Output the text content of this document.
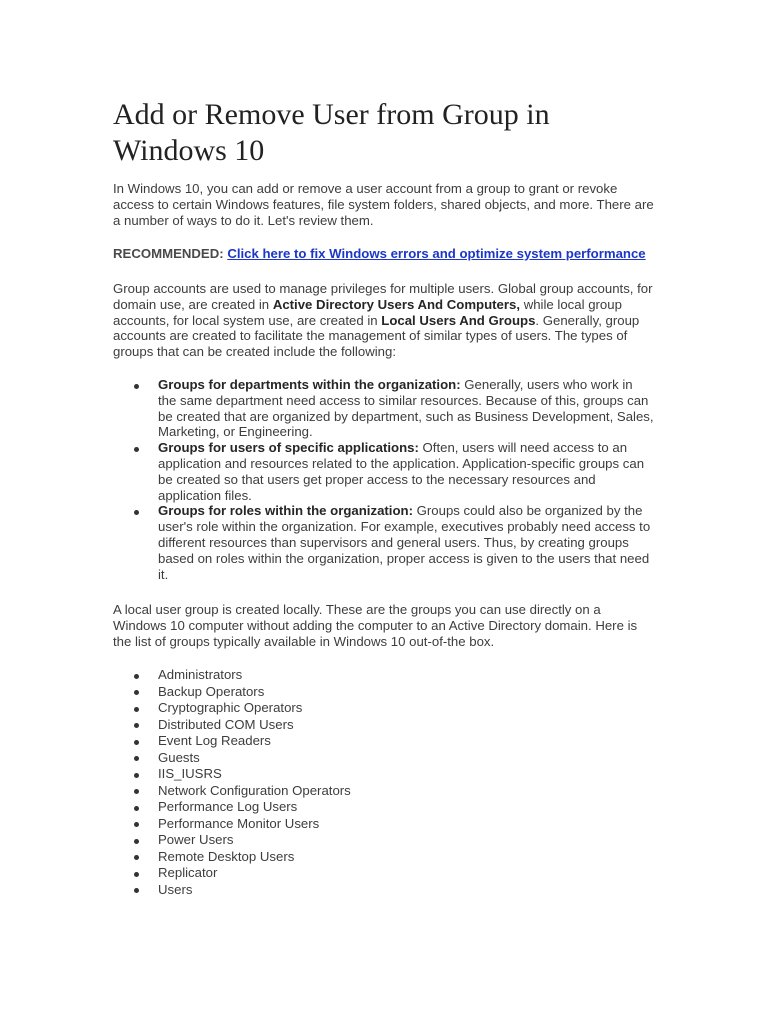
Add or Remove User from Group in Windows 10
In Windows 10, you can add or remove a user account from a group to grant or revoke
access to certain Windows features, file system folders, shared objects, and more. There are
a number of ways to do it. Let's review them.
RECOMMENDED: Click here to fix Windows errors and optimize system performance
Group accounts are used to manage privileges for multiple users. Global group accounts, for
domain use, are created in Active Directory Users And Computers, while local group
accounts, for local system use, are created in Local Users And Groups. Generally, group
accounts are created to facilitate the management of similar types of users. The types of
groups that can be created include the following:
Groups for departments within the organization: Generally, users who work in
the same department need access to similar resources. Because of this, groups can
be created that are organized by department, such as Business Development, Sales,
Marketing, or Engineering.
Groups for users of specific applications: Often, users will need access to an
application and resources related to the application. Application-specific groups can
be created so that users get proper access to the necessary resources and
application files.
Groups for roles within the organization: Groups could also be organized by the
user's role within the organization. For example, executives probably need access to
different resources than supervisors and general users. Thus, by creating groups
based on roles within the organization, proper access is given to the users that need
it.
A local user group is created locally. These are the groups you can use directly on a
Windows 10 computer without adding the computer to an Active Directory domain. Here is
the list of groups typically available in Windows 10 out-of-the box.
Administrators
Backup Operators
Cryptographic Operators
Distributed COM Users
Event Log Readers
Guests
IIS_IUSRS
Network Configuration Operators
Performance Log Users
Performance Monitor Users
Power Users
Remote Desktop Users
Replicator
Users
